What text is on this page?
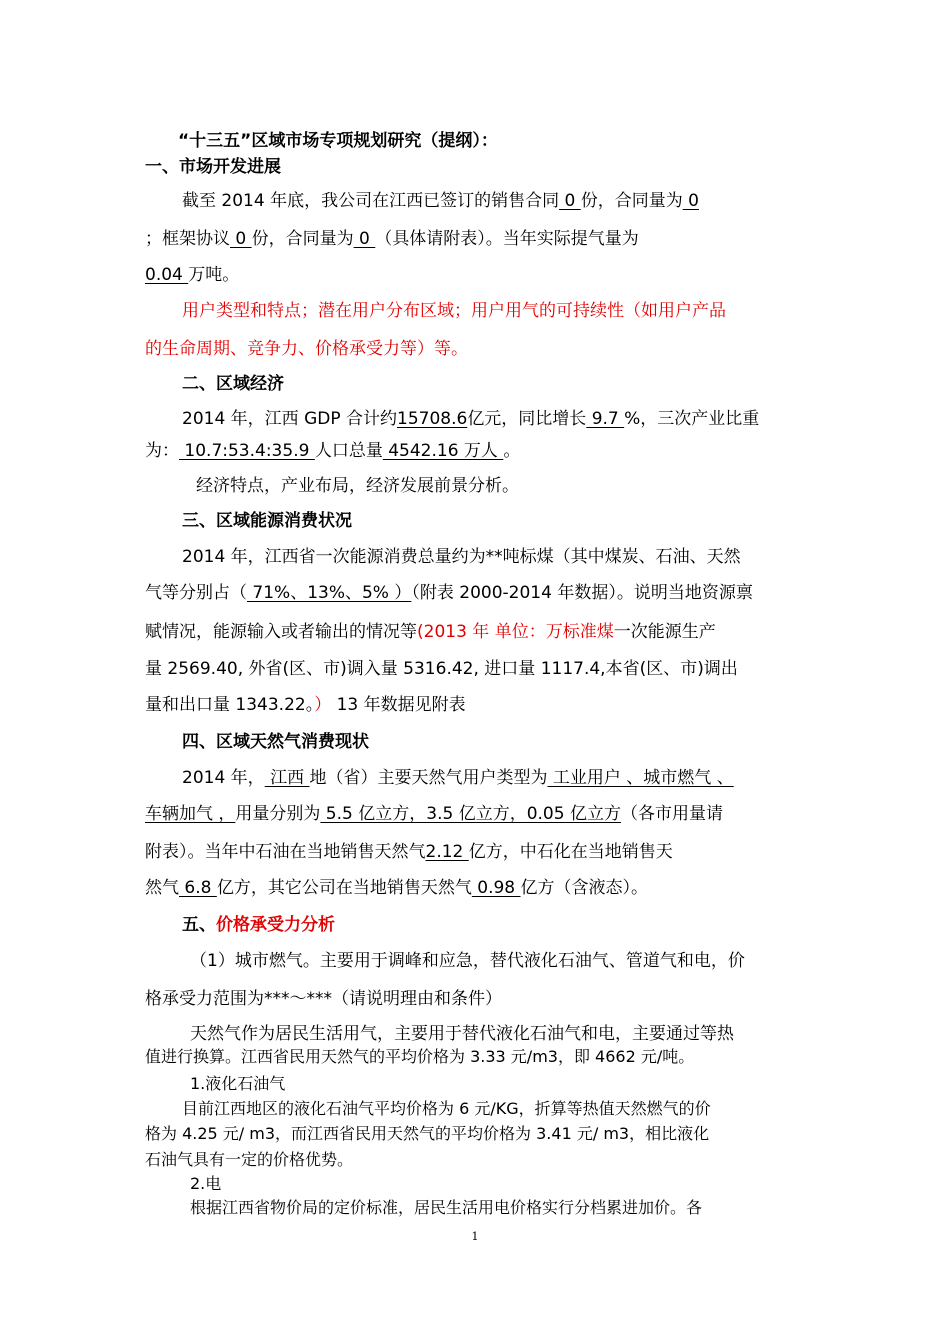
“十三五”区域市场专项规划研究（提纲）：
一、市场开发进展
截至 2014 年底，我公司在江西已签订的销售合同 0 份，合同量为 0
；框架协议 0 份，合同量为 0 （具体请附表）。当年实际提气量为
0.04 万吨。
用户类型和特点；潜在用户分布区域；用户用气的可持续性（如用户产品
的生命周期、竞争力、价格承受力等）等。
二、区域经济
2014 年，江西 GDP 合计约15708.6亿元，同比增长 9.7 %，三次产业比重
为： 10.7:53.4:35.9 人口总量 4542.16 万人 。
经济特点，产业布局，经济发展前景分析。
三、区域能源消费状况
2014 年，江西省一次能源消费总量约为**吨标煤（其中煤炭、石油、天然
气等分别占（ 71%、13%、5% ）（附表 2000-2014 年数据）。说明当地资源禀
赋情况，能源输入或者输出的情况等(2013 年 单位：万标准煤一次能源生产
量 2569.40, 外省(区、市)调入量 5316.42, 进口量 1117.4,本省(区、市)调出
量和出口量 1343.22。） 13 年数据见附表
四、区域天然气消费现状
2014 年， 江西 地（省）主要天然气用户类型为 工业用户 、城市燃气 、
车辆加气 ，用量分别为 5.5 亿立方，3.5 亿立方，0.05 亿立方（各市用量请
附表）。当年中石油在当地销售天然气2.12 亿方，中石化在当地销售天
然气 6.8 亿方，其它公司在当地销售天然气 0.98 亿方（含液态）。
五、价格承受力分析
（1）城市燃气。主要用于调峰和应急，替代液化石油气、管道气和电，价
格承受力范围为***～***（请说明理由和条件）
天然气作为居民生活用气，主要用于替代液化石油气和电，主要通过等热
值进行换算。江西省民用天然气的平均价格为 3.33 元/m3，即 4662 元/吨。
1.液化石油气
目前江西地区的液化石油气平均价格为 6 元/KG，折算等热值天然燃气的价
格为 4.25 元/ m3，而江西省民用天然气的平均价格为 3.41 元/ m3，相比液化
石油气具有一定的价格优势。
2.电
根据江西省物价局的定价标准，居民生活用电价格实行分档累进加价。各
1
